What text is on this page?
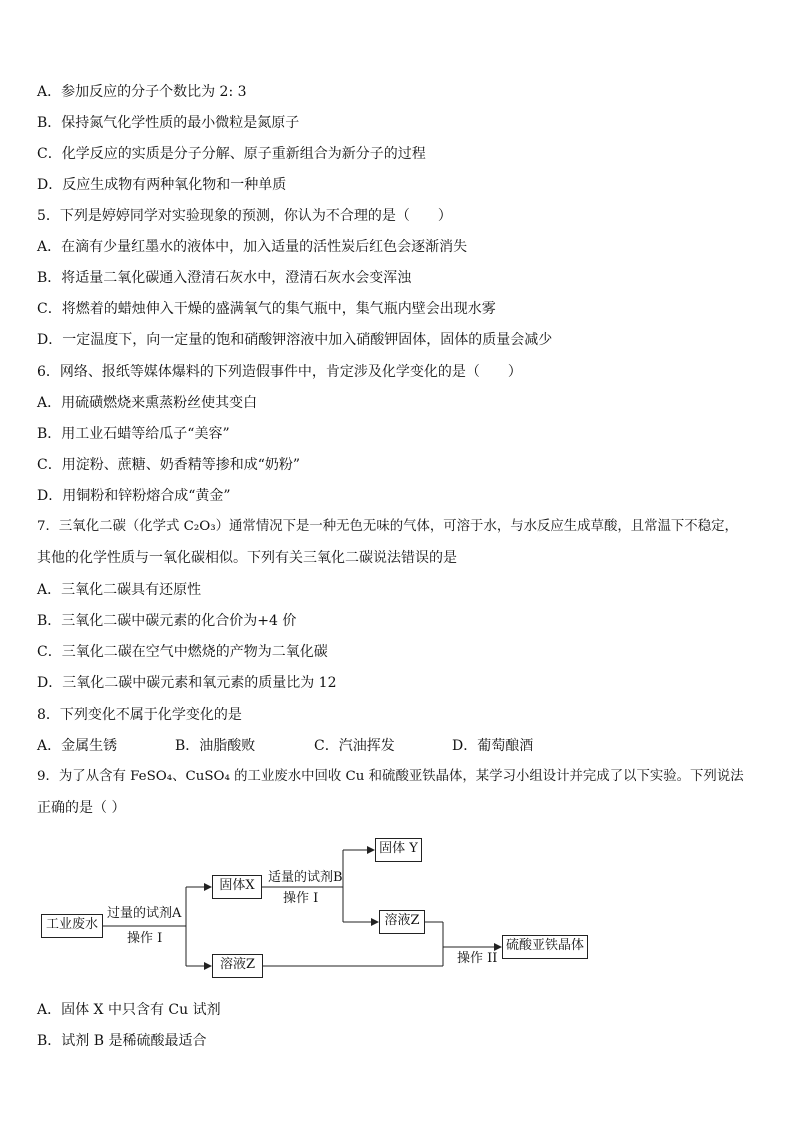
A．参加反应的分子个数比为 2: 3
B．保持氮气化学性质的最小微粒是氮原子
C．化学反应的实质是分子分解、原子重新组合为新分子的过程
D．反应生成物有两种氧化物和一种单质
5．下列是婷婷同学对实验现象的预测，你认为不合理的是（　　）
A．在滴有少量红墨水的液体中，加入适量的活性炭后红色会逐渐消失
B．将适量二氧化碳通入澄清石灰水中，澄清石灰水会变浑浊
C．将燃着的蜡烛伸入干燥的盛满氧气的集气瓶中，集气瓶内壁会出现水雾
D．一定温度下，向一定量的饱和硝酸钾溶液中加入硝酸钾固体，固体的质量会减少
6．网络、报纸等媒体爆料的下列造假事件中，肯定涉及化学变化的是（　　）
A．用硫磺燃烧来熏蒸粉丝使其变白
B．用工业石蜡等给瓜子“美容”
C．用淀粉、蔗糖、奶香精等掺和成“奶粉”
D．用铜粉和锌粉熔合成“黄金”
7．三氧化二碳（化学式 C₂O₃）通常情况下是一种无色无味的气体，可溶于水，与水反应生成草酸，且常温下不稳定，
其他的化学性质与一氧化碳相似。下列有关三氧化二碳说法错误的是
A．三氧化二碳具有还原性
B．三氧化二碳中碳元素的化合价为+4 价
C．三氧化二碳在空气中燃烧的产物为二氧化碳
D．三氧化二碳中碳元素和氧元素的质量比为 12
8．下列变化不属于化学变化的是
A．金属生锈	B．油脂酸败	C．汽油挥发	D．葡萄酿酒
9．为了从含有 FeSO₄、CuSO₄ 的工业废水中回收 Cu 和硫酸亚铁晶体，某学习小组设计并完成了以下实验。下列说法
正确的是（ ）
工业废水
过量的试剂A
操作 I
固体X
溶液Z
适量的试剂B
操作 I
固体 Y
溶液Z
操作 II
硫酸亚铁晶体
A．固体 X 中只含有 Cu 试剂
B．试剂 B 是稀硫酸最适合
